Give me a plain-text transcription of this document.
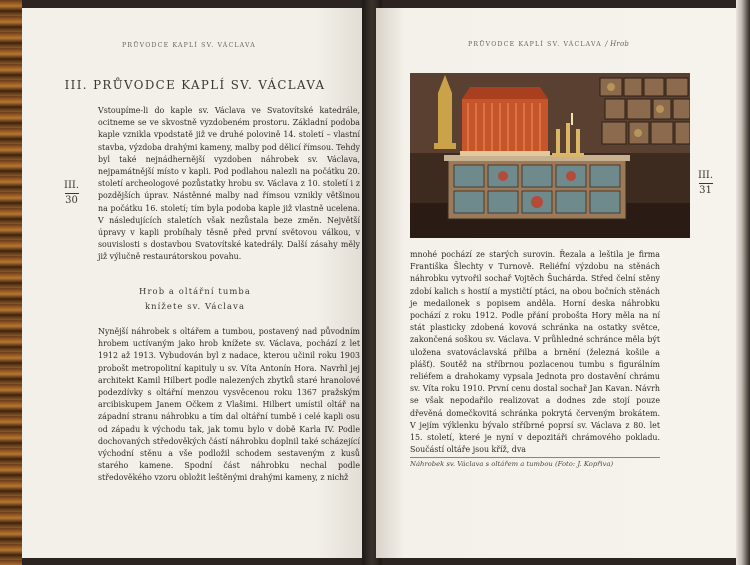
PRŮVODCE KAPLÍ SV. VÁCLAVA
III.
30
III. PRŮVODCE KAPLÍ SV. VÁCLAVA
Vstoupíme-li do kaple sv. Václava ve Svatovítské katedrále, ocitneme se ve skvostně vyzdobeném prostoru. Základní podoba kaple vznikla vpodstatě již ve druhé polovině 14. století – vlastní stavba, výzdoba drahými kameny, malby pod dělicí římsou. Tehdy byl také nejnádhernější vyzdoben náhrobek sv. Václava, nejpamátnější místo v kapli. Pod podlahou nalezli na počátku 20. století archeologové pozůstatky hrobu sv. Václava z 10. století i z pozdějších úprav. Nástěnné malby nad římsou vznikly většinou na počátku 16. století; tím byla podoba kaple již vlastně ucelena. V následujících staletích však nezůstala beze změn. Největší úpravy v kapli probíhaly těsně před první světovou válkou, v souvislosti s dostavbou Svatovítské katedrály. Další zásahy měly již výlučně restaurátorskou povahu.
Hrob a oltářní tumba
knížete sv. Václava
Nynější náhrobek s oltářem a tumbou, postavený nad původním hrobem uctívaným jako hrob knížete sv. Václava, pochází z let 1912 až 1913. Vybudován byl z nadace, kterou učinil roku 1903 probošt metropolitní kapituly u sv. Víta Antonín Hora. Navrhl jej architekt Kamil Hilbert podle nalezených zbytků staré hranolové podezdívky s oltářní menzou vysvěcenou roku 1367 pražským arcibiskupem Janem Očkem z Vlašimi. Hilbert umístil oltář na západní stranu náhrobku a tím dal oltářní tumbě i celé kapli osu od západu k východu tak, jak tomu bylo v době Karla IV. Podle dochovaných středověkých částí náhrobku doplnil také scházející východní stěnu a vše podložil schodem sestaveným z kusů starého kamene. Spodní část náhrobku nechal podle středověkého vzoru obložit leštěnými drahými kameny, z nichž
PRŮVODCE KAPLÍ SV. VÁCLAVA / Hrob
III.
31
mnohé pochází ze starých surovin. Řezala a leštila je firma Františka Šlechty v Turnově. Reliéfní výzdobu na stěnách náhrobku vytvořil sochař Vojtěch Šuchárda. Střed čelní stěny zdobí kalich s hostií a mystičtí ptáci, na obou bočních stěnách je medailonek s popisem anděla. Horní deska náhrobku pochází z roku 1912. Podle přání probošta Hory měla na ní stát plasticky zdobená kovová schránka na ostatky světce, zakončená soškou sv. Václava. V průhledné schránce měla být uložena svatováclavská přilba a brnění (železná košile a plášť). Soutěž na stříbrnou pozlacenou tumbu s figurálním reliéfem a drahokamy vypsala Jednota pro dostavění chrámu sv. Víta roku 1910. První cenu dostal sochař Jan Kavan. Návrh se však nepodařilo realizovat a dodnes zde stojí pouze dřevěná domečkovitá schránka pokrytá červeným brokátem. V jejím výklenku bývalo stříbrné poprsí sv. Václava z 80. let 15. století, které je nyní v depozitáři chrámového pokladu. Součástí oltáře jsou kříž, dva
Náhrobek sv. Václava s oltářem a tumbou (Foto: J. Kopřiva)
